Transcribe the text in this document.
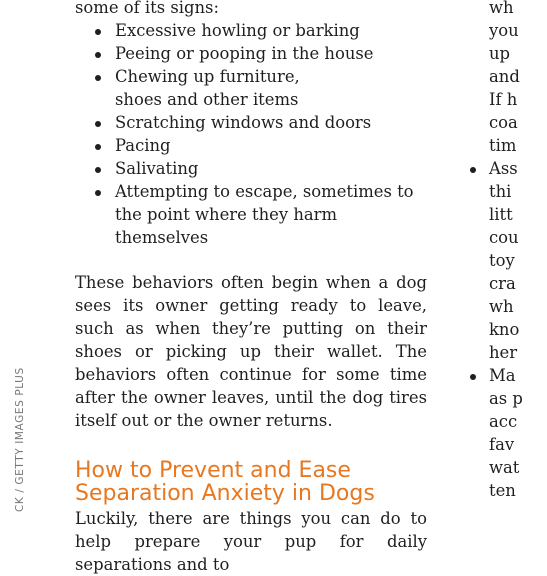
CK / GETTY IMAGES PLUS

some of its signs:

Excessive howling or barking
Peeing or pooping in the house
Chewing up furniture, shoes and other items
Scratching windows and doors
Pacing
Salivating
Attempting to escape, sometimes to the point where they harm themselves

These behaviors often begin when a dog sees its owner getting ready to leave, such as when they’re putting on their shoes or picking up their wallet. The behaviors often continue for some time after the owner leaves, until the dog tires itself out or the owner returns.

How to Prevent and Ease Separation Anxiety in Dogs

Luckily, there are things you can do to help prepare your pup for daily separations and to

wh
you
up
and
If h
coa
tim
Ass
thi
litt
cou
toy
cra
wh
kno
her
Ma
as p
acc
fav
wat
ten
